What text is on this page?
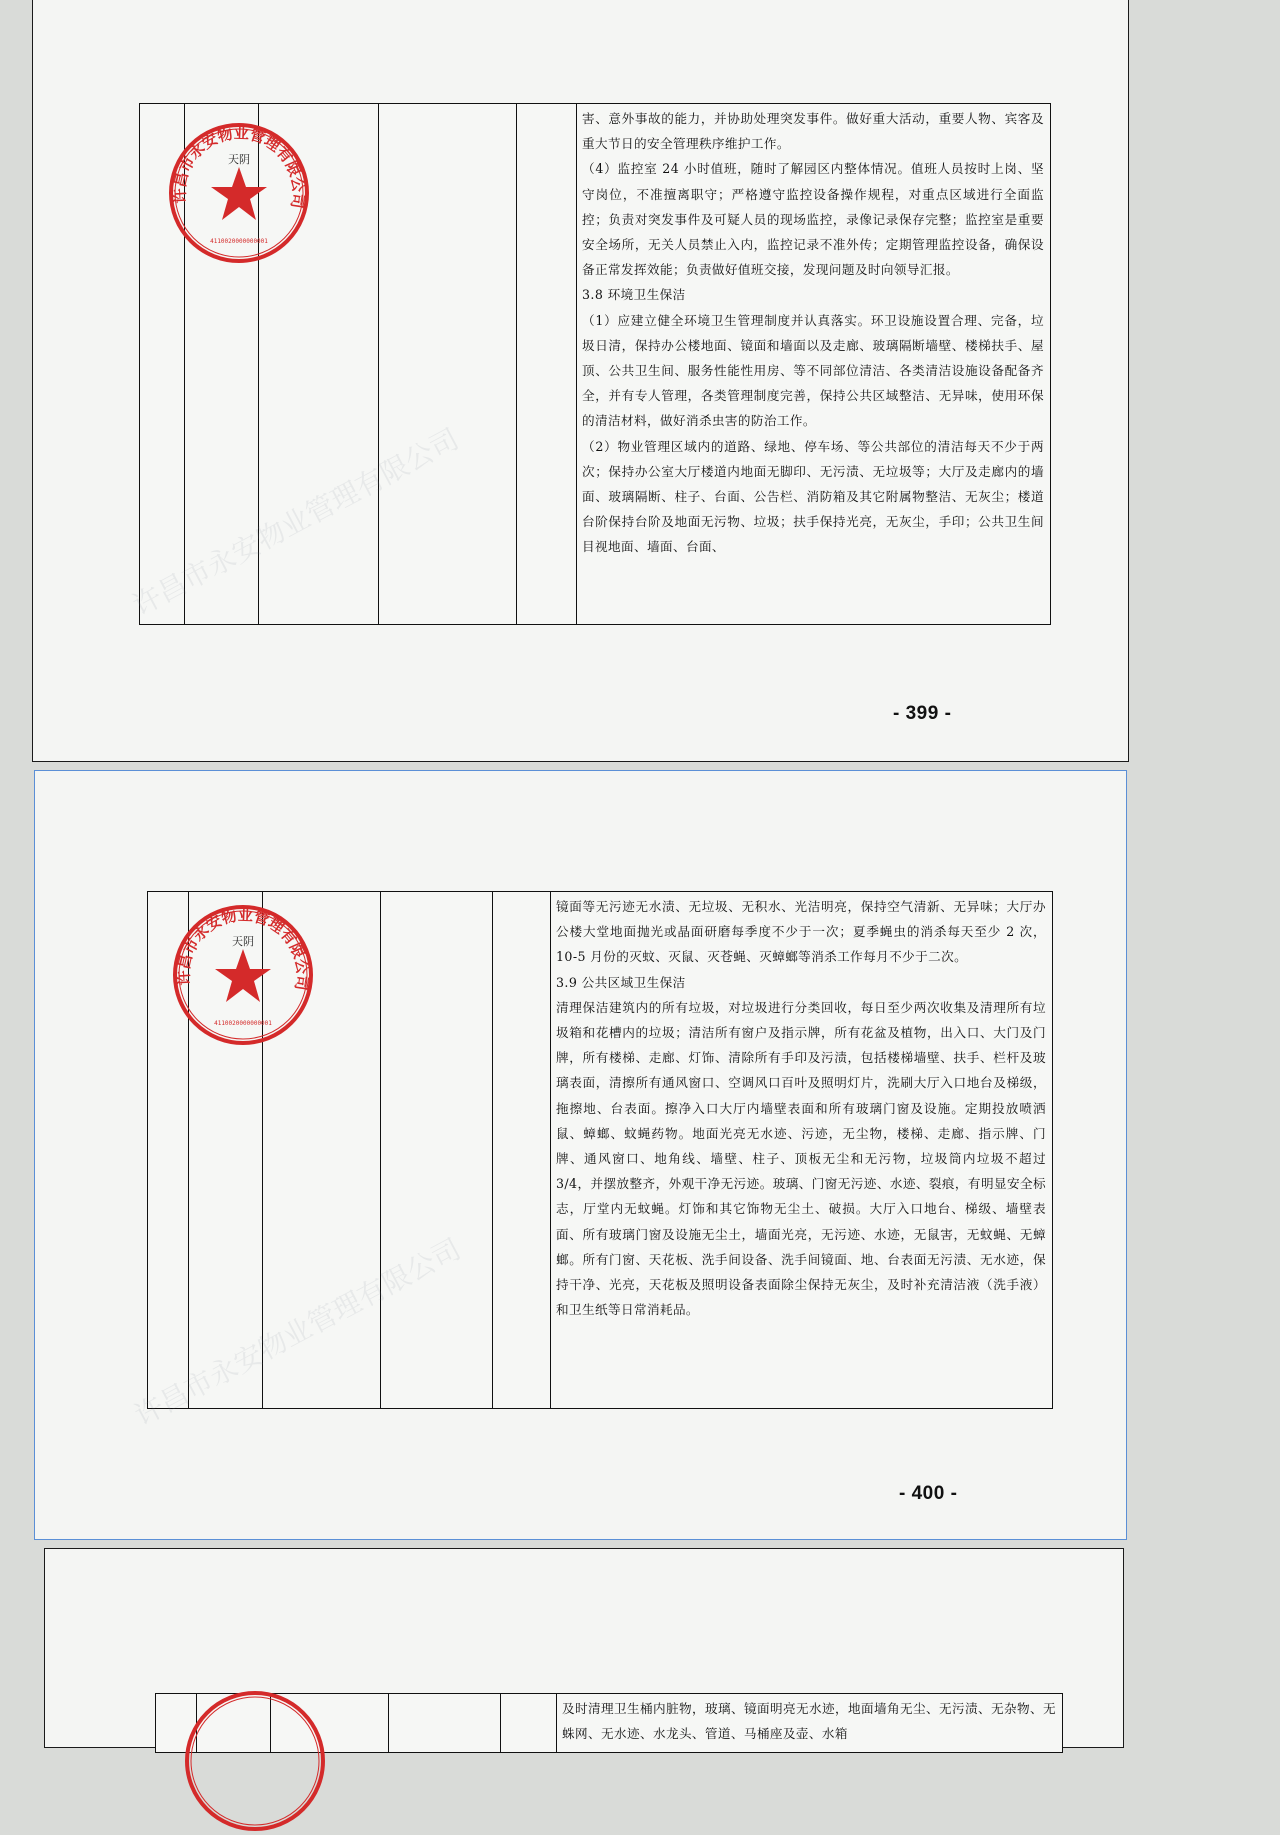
害、意外事故的能力，并协助处理突发事件。做好重大活动，重要人物、宾客及重大节日的安全管理秩序维护工作。

（4）监控室 24 小时值班，随时了解园区内整体情况。值班人员按时上岗、坚守岗位，不准擅离职守；严格遵守监控设备操作规程，对重点区域进行全面监控；负责对突发事件及可疑人员的现场监控，录像记录保存完整；监控室是重要安全场所，无关人员禁止入内，监控记录不准外传；定期管理监控设备，确保设备正常发挥效能；负责做好值班交接，发现问题及时向领导汇报。

3.8 环境卫生保洁

（1）应建立健全环境卫生管理制度并认真落实。环卫设施设置合理、完备，垃圾日清，保持办公楼地面、镜面和墙面以及走廊、玻璃隔断墙壁、楼梯扶手、屋顶、公共卫生间、服务性能性用房、等不同部位清洁、各类清洁设施设备配备齐全，并有专人管理，各类管理制度完善，保持公共区域整洁、无异味，使用环保的清洁材料，做好消杀虫害的防治工作。

（2）物业管理区域内的道路、绿地、停车场、等公共部位的清洁每天不少于两次；保持办公室大厅楼道内地面无脚印、无污渍、无垃圾等；大厅及走廊内的墙面、玻璃隔断、柱子、台面、公告栏、消防箱及其它附属物整洁、无灰尘；楼道台阶保持台阶及地面无污物、垃圾；扶手保持光亮，无灰尘，手印；公共卫生间目视地面、墙面、台面、

许昌市永安物业管理有限公司
天阴
4110020000000001
- 399 -

镜面等无污迹无水渍、无垃圾、无积水、光洁明亮，保持空气清新、无异味；大厅办公楼大堂地面抛光或晶面研磨每季度不少于一次；夏季蝇虫的消杀每天至少 2 次，10-5 月份的灭蚊、灭鼠、灭苍蝇、灭蟑螂等消杀工作每月不少于二次。

3.9 公共区域卫生保洁

清理保洁建筑内的所有垃圾，对垃圾进行分类回收，每日至少两次收集及清理所有垃圾箱和花槽内的垃圾；清洁所有窗户及指示牌，所有花盆及植物，出入口、大门及门牌，所有楼梯、走廊、灯饰、清除所有手印及污渍，包括楼梯墙壁、扶手、栏杆及玻璃表面，清擦所有通风窗口、空调风口百叶及照明灯片，洗刷大厅入口地台及梯级，拖擦地、台表面。擦净入口大厅内墙壁表面和所有玻璃门窗及设施。定期投放喷洒鼠、蟑螂、蚊蝇药物。地面光亮无水迹、污迹，无尘物，楼梯、走廊、指示牌、门牌、通风窗口、地角线、墙壁、柱子、顶板无尘和无污物，垃圾筒内垃圾不超过 3/4，并摆放整齐，外观干净无污迹。玻璃、门窗无污迹、水迹、裂痕，有明显安全标志，厅堂内无蚊蝇。灯饰和其它饰物无尘土、破损。大厅入口地台、梯级、墙壁表面、所有玻璃门窗及设施无尘土，墙面光亮，无污迹、水迹，无鼠害，无蚊蝇、无蟑螂。所有门窗、天花板、洗手间设备、洗手间镜面、地、台表面无污渍、无水迹，保持干净、光亮，天花板及照明设备表面除尘保持无灰尘，及时补充清洁液（洗手液）和卫生纸等日常消耗品。

许昌市永安物业管理有限公司
天阴
4110020000000001
- 400 -

及时清理卫生桶内脏物，玻璃、镜面明亮无水迹，地面墙角无尘、无污渍、无杂物、无蛛网、无水迹、水龙头、管道、马桶座及壶、水箱
